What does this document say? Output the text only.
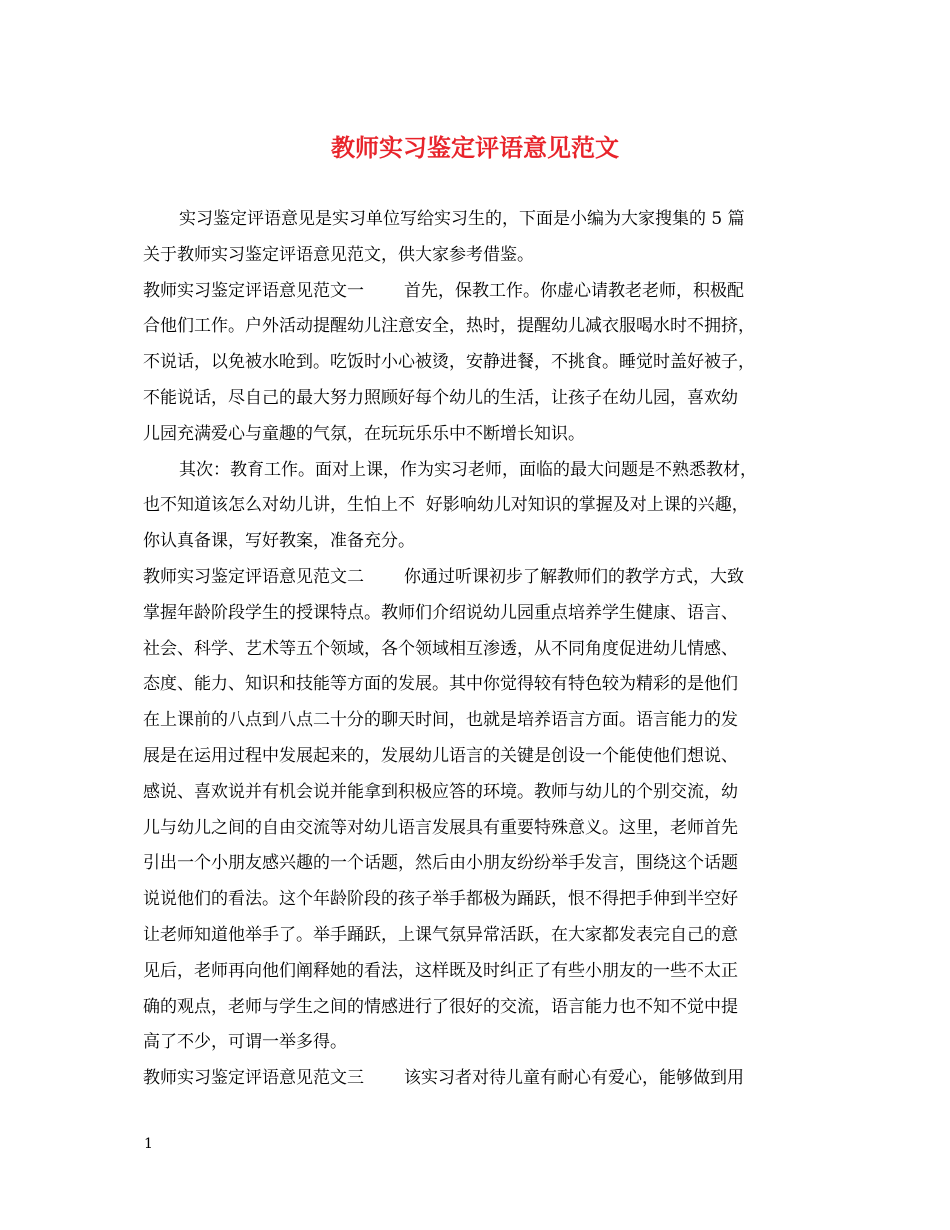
教师实习鉴定评语意见范文
实习鉴定评语意见是实习单位写给实习生的，下面是小编为大家搜集的 5 篇
关于教师实习鉴定评语意见范文，供大家参考借鉴。
教师实习鉴定评语意见范文一 首先，保教工作。你虚心请教老老师，积极配
合他们工作。户外活动提醒幼儿注意安全，热时，提醒幼儿减衣服喝水时不拥挤，
不说话，以免被水呛到。吃饭时小心被烫，安静进餐，不挑食。睡觉时盖好被子，
不能说话，尽自己的最大努力照顾好每个幼儿的生活，让孩子在幼儿园，喜欢幼
儿园充满爱心与童趣的气氛，在玩玩乐乐中不断增长知识。
其次：教育工作。面对上课，作为实习老师，面临的最大问题是不熟悉教材，
也不知道该怎么对幼儿讲，生怕上不  好影响幼儿对知识的掌握及对上课的兴趣，
你认真备课，写好教案，准备充分。
教师实习鉴定评语意见范文二 你通过听课初步了解教师们的教学方式，大致
掌握年龄阶段学生的授课特点。教师们介绍说幼儿园重点培养学生健康、语言、
社会、科学、艺术等五个领域，各个领域相互渗透，从不同角度促进幼儿情感、
态度、能力、知识和技能等方面的发展。其中你觉得较有特色较为精彩的是他们
在上课前的八点到八点二十分的聊天时间，也就是培养语言方面。语言能力的发
展是在运用过程中发展起来的，发展幼儿语言的关键是创设一个能使他们想说、
感说、喜欢说并有机会说并能拿到积极应答的环境。教师与幼儿的个别交流，幼
儿与幼儿之间的自由交流等对幼儿语言发展具有重要特殊意义。这里，老师首先
引出一个小朋友感兴趣的一个话题，然后由小朋友纷纷举手发言，围绕这个话题
说说他们的看法。这个年龄阶段的孩子举手都极为踊跃，恨不得把手伸到半空好
让老师知道他举手了。举手踊跃，上课气氛异常活跃，在大家都发表完自己的意
见后，老师再向他们阐释她的看法，这样既及时纠正了有些小朋友的一些不太正
确的观点，老师与学生之间的情感进行了很好的交流，语言能力也不知不觉中提
高了不少，可谓一举多得。
教师实习鉴定评语意见范文三 该实习者对待儿童有耐心有爱心，能够做到用
1
